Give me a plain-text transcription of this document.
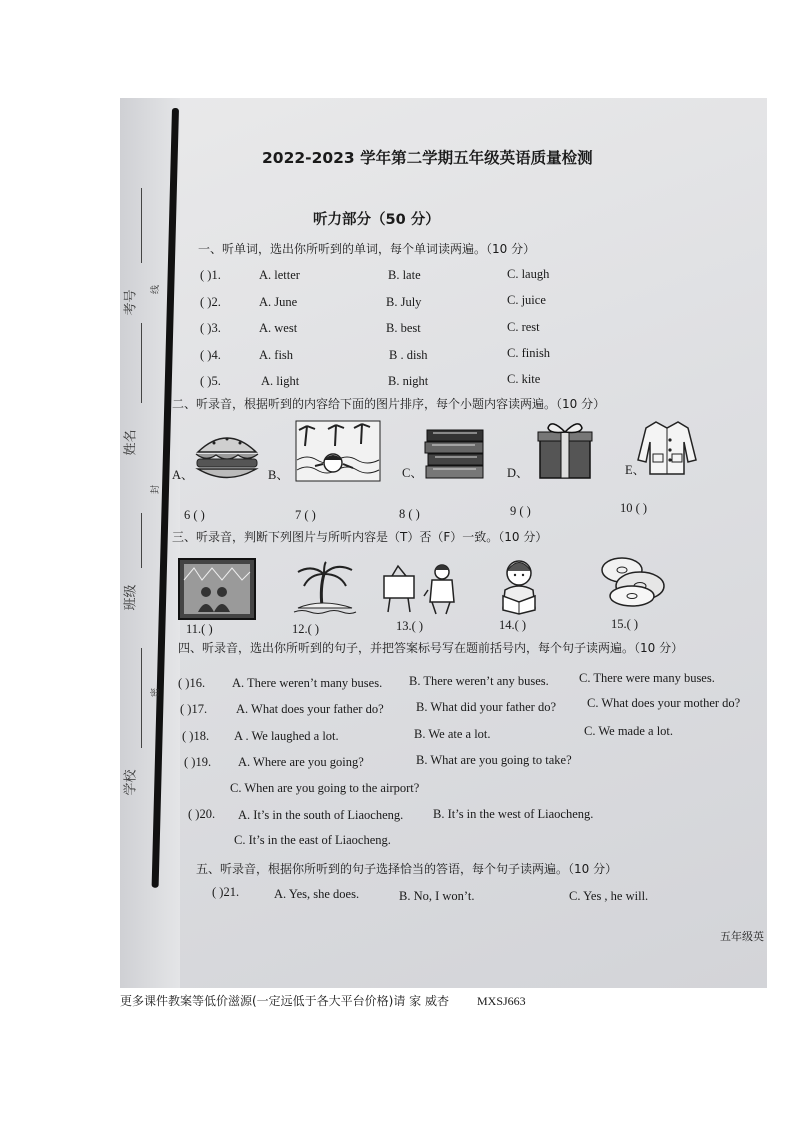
考号	线
姓名
封
班级
密
学校
2022-2023 学年第二学期五年级英语质量检测
听力部分（50 分）
一、听单词，选出你所听到的单词，每个单词读两遍。（10 分）
( )1.	A. letter	B. late	C. laugh
( )2.	A. June	B. July	C. juice
( )3.	A. west	B. best	C. rest
( )4.	A. fish	B . dish	C. finish
( )5.	A. light	B. night	C. kite
二、听录音，根据听到的内容给下面的图片排序，每个小题内容读两遍。（10 分）
A、	B、	C、	D、	E、
6 ( )	7 ( )	8 ( )	9 ( )	10 ( )
三、听录音，判断下列图片与所听内容是（T）否（F）一致。（10 分）
11.( )	12.( )	13.( )	14.( )	15.( )
四、听录音，选出你所听到的句子，并把答案标号写在题前括号内，每个句子读两遍。（10 分）
( )16. A. There weren’t many buses. B. There weren’t any buses. C. There were many buses.
( )17. A. What does your father do?	B. What did your father do? C. What does your mother do?
( )18. A . We laughed a lot.	B. We ate a lot.	C. We made a lot.
( )19. A. Where are you going?	B. What are you going to take?
C. When are you going to the airport?
( )20. A. It’s in the south of Liaocheng. B. It’s in the west of Liaocheng.
C. It’s in the east of Liaocheng.
五、听录音，根据你所听到的句子选择恰当的答语，每个句子读两遍。（10 分）
( )21.	A. Yes, she does.	B. No, I won’t.	C. Yes , he will.
五年级英
更多课件教案等低价滋源(一定远低于各大平台价格)请 家 威杏 MXSJ663
